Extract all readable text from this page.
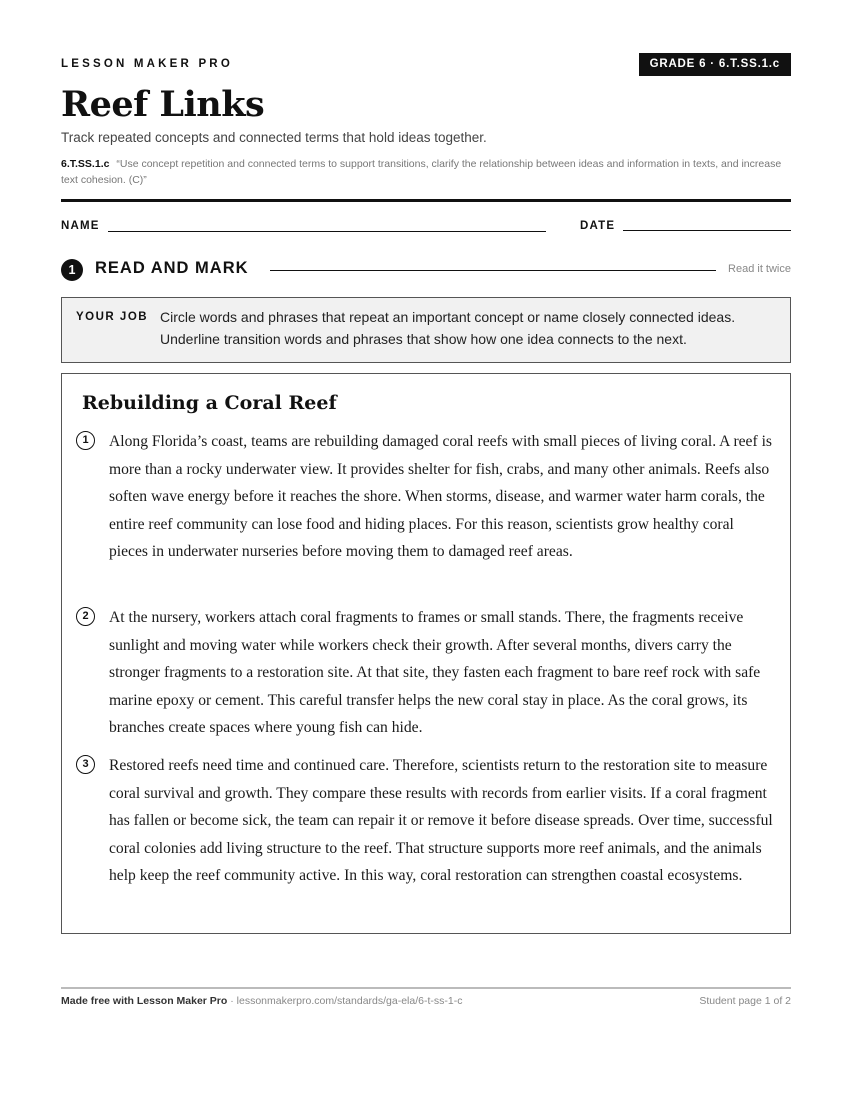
LESSON MAKER PRO	GRADE 6 · 6.T.SS.1.c
Reef Links
Track repeated concepts and connected terms that hold ideas together.
6.T.SS.1.c “Use concept repetition and connected terms to support transitions, clarify the relationship between ideas and information in texts, and increase text cohesion. (C)”
NAME	DATE
1	READ AND MARK	Read it twice
YOUR JOB Circle words and phrases that repeat an important concept or name closely connected ideas. Underline transition words and phrases that show how one idea connects to the next.
Rebuilding a Coral Reef
1	Along Florida’s coast, teams are rebuilding damaged coral reefs with small pieces of living coral. A reef is more than a rocky underwater view. It provides shelter for fish, crabs, and many other animals. Reefs also soften wave energy before it reaches the shore. When storms, disease, and warmer water harm corals, the entire reef community can lose food and hiding places. For this reason, scientists grow healthy coral pieces in underwater nurseries before moving them to damaged reef areas.

2	At the nursery, workers attach coral fragments to frames or small stands. There, the fragments receive sunlight and moving water while workers check their growth. After several months, divers carry the stronger fragments to a restoration site. At that site, they fasten each fragment to bare reef rock with safe marine epoxy or cement. This careful transfer helps the new coral stay in place. As the coral grows, its branches create spaces where young fish can hide.

3	Restored reefs need time and continued care. Therefore, scientists return to the restoration site to measure coral survival and growth. They compare these results with records from earlier visits. If a coral fragment has fallen or become sick, the team can repair it or remove it before disease spreads. Over time, successful coral colonies add living structure to the reef. That structure supports more reef animals, and the animals help keep the reef community active. In this way, coral restoration can strengthen coastal ecosystems.

Made free with Lesson Maker Pro · lessonmakerpro.com/standards/ga-ela/6-t-ss-1-c	Student page 1 of 2
